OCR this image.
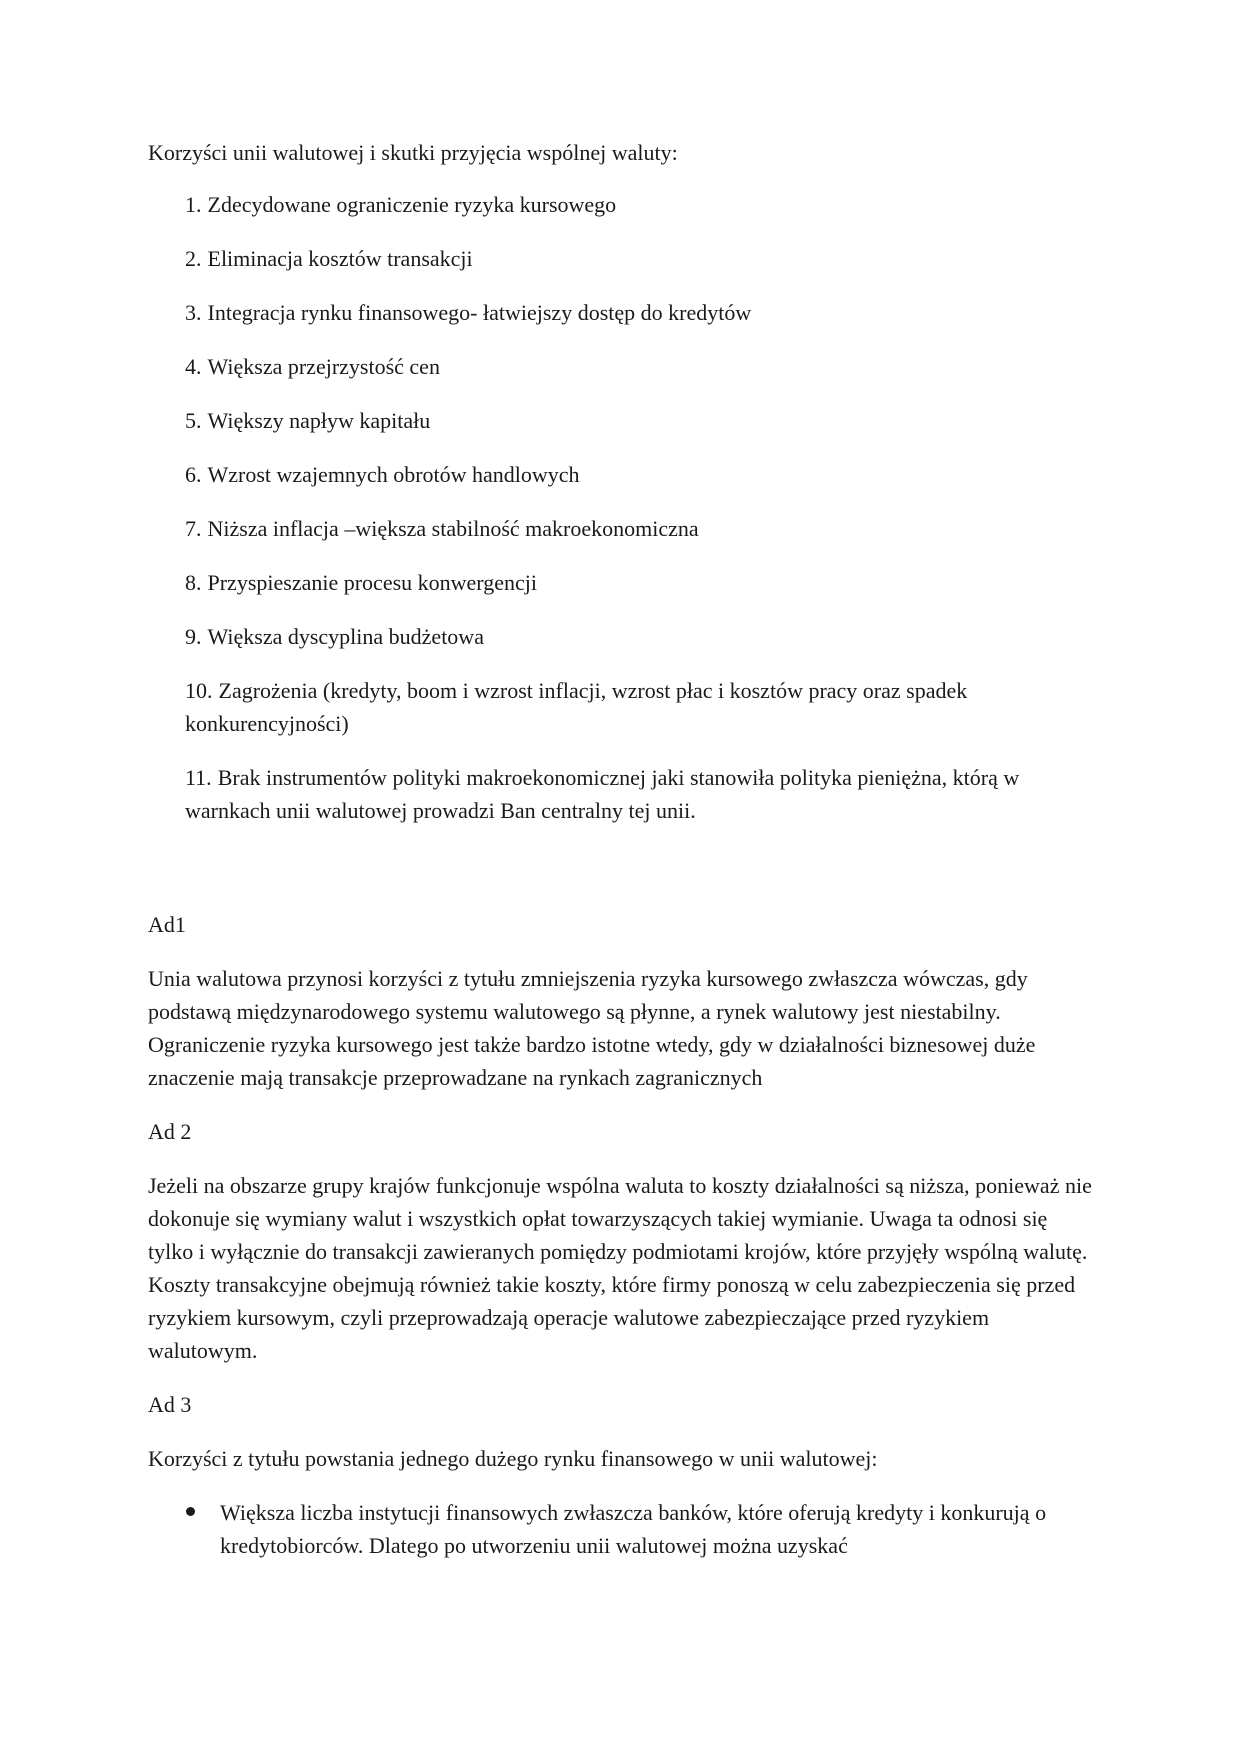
Korzyści unii walutowej i skutki przyjęcia wspólnej waluty:

1. Zdecydowane ograniczenie ryzyka kursowego
2. Eliminacja kosztów transakcji
3. Integracja rynku finansowego- łatwiejszy dostęp do kredytów
4. Większa przejrzystość cen
5. Większy napływ kapitału
6. Wzrost wzajemnych obrotów handlowych
7. Niższa inflacja –większa stabilność makroekonomiczna
8. Przyspieszanie procesu konwergencji
9. Większa dyscyplina budżetowa
10. Zagrożenia (kredyty, boom i wzrost inflacji, wzrost płac i kosztów pracy oraz spadek konkurencyjności)
11. Brak instrumentów polityki makroekonomicznej jaki stanowiła polityka pieniężna, którą w warnkach unii walutowej prowadzi Ban centralny tej unii.

Ad1

Unia walutowa przynosi korzyści z tytułu zmniejszenia ryzyka kursowego zwłaszcza wówczas, gdy podstawą międzynarodowego systemu walutowego są płynne, a rynek walutowy jest niestabilny. Ograniczenie ryzyka kursowego jest także bardzo istotne wtedy, gdy w działalności biznesowej duże znaczenie mają transakcje przeprowadzane na rynkach zagranicznych

Ad 2

Jeżeli na obszarze grupy krajów funkcjonuje wspólna waluta to koszty działalności są niższa, ponieważ nie dokonuje się wymiany walut i wszystkich opłat towarzyszących takiej wymianie. Uwaga ta odnosi się tylko i wyłącznie do transakcji zawieranych pomiędzy podmiotami krojów, które przyjęły wspólną walutę. Koszty transakcyjne obejmują również takie koszty, które firmy ponoszą w celu zabezpieczenia się przed ryzykiem kursowym, czyli przeprowadzają operacje walutowe zabezpieczające przed ryzykiem walutowym.

Ad 3

Korzyści z tytułu powstania jednego dużego rynku finansowego w unii walutowej:

Większa liczba instytucji finansowych zwłaszcza banków, które oferują kredyty i konkurują o kredytobiorców. Dlatego po utworzeniu unii walutowej można uzyskać
